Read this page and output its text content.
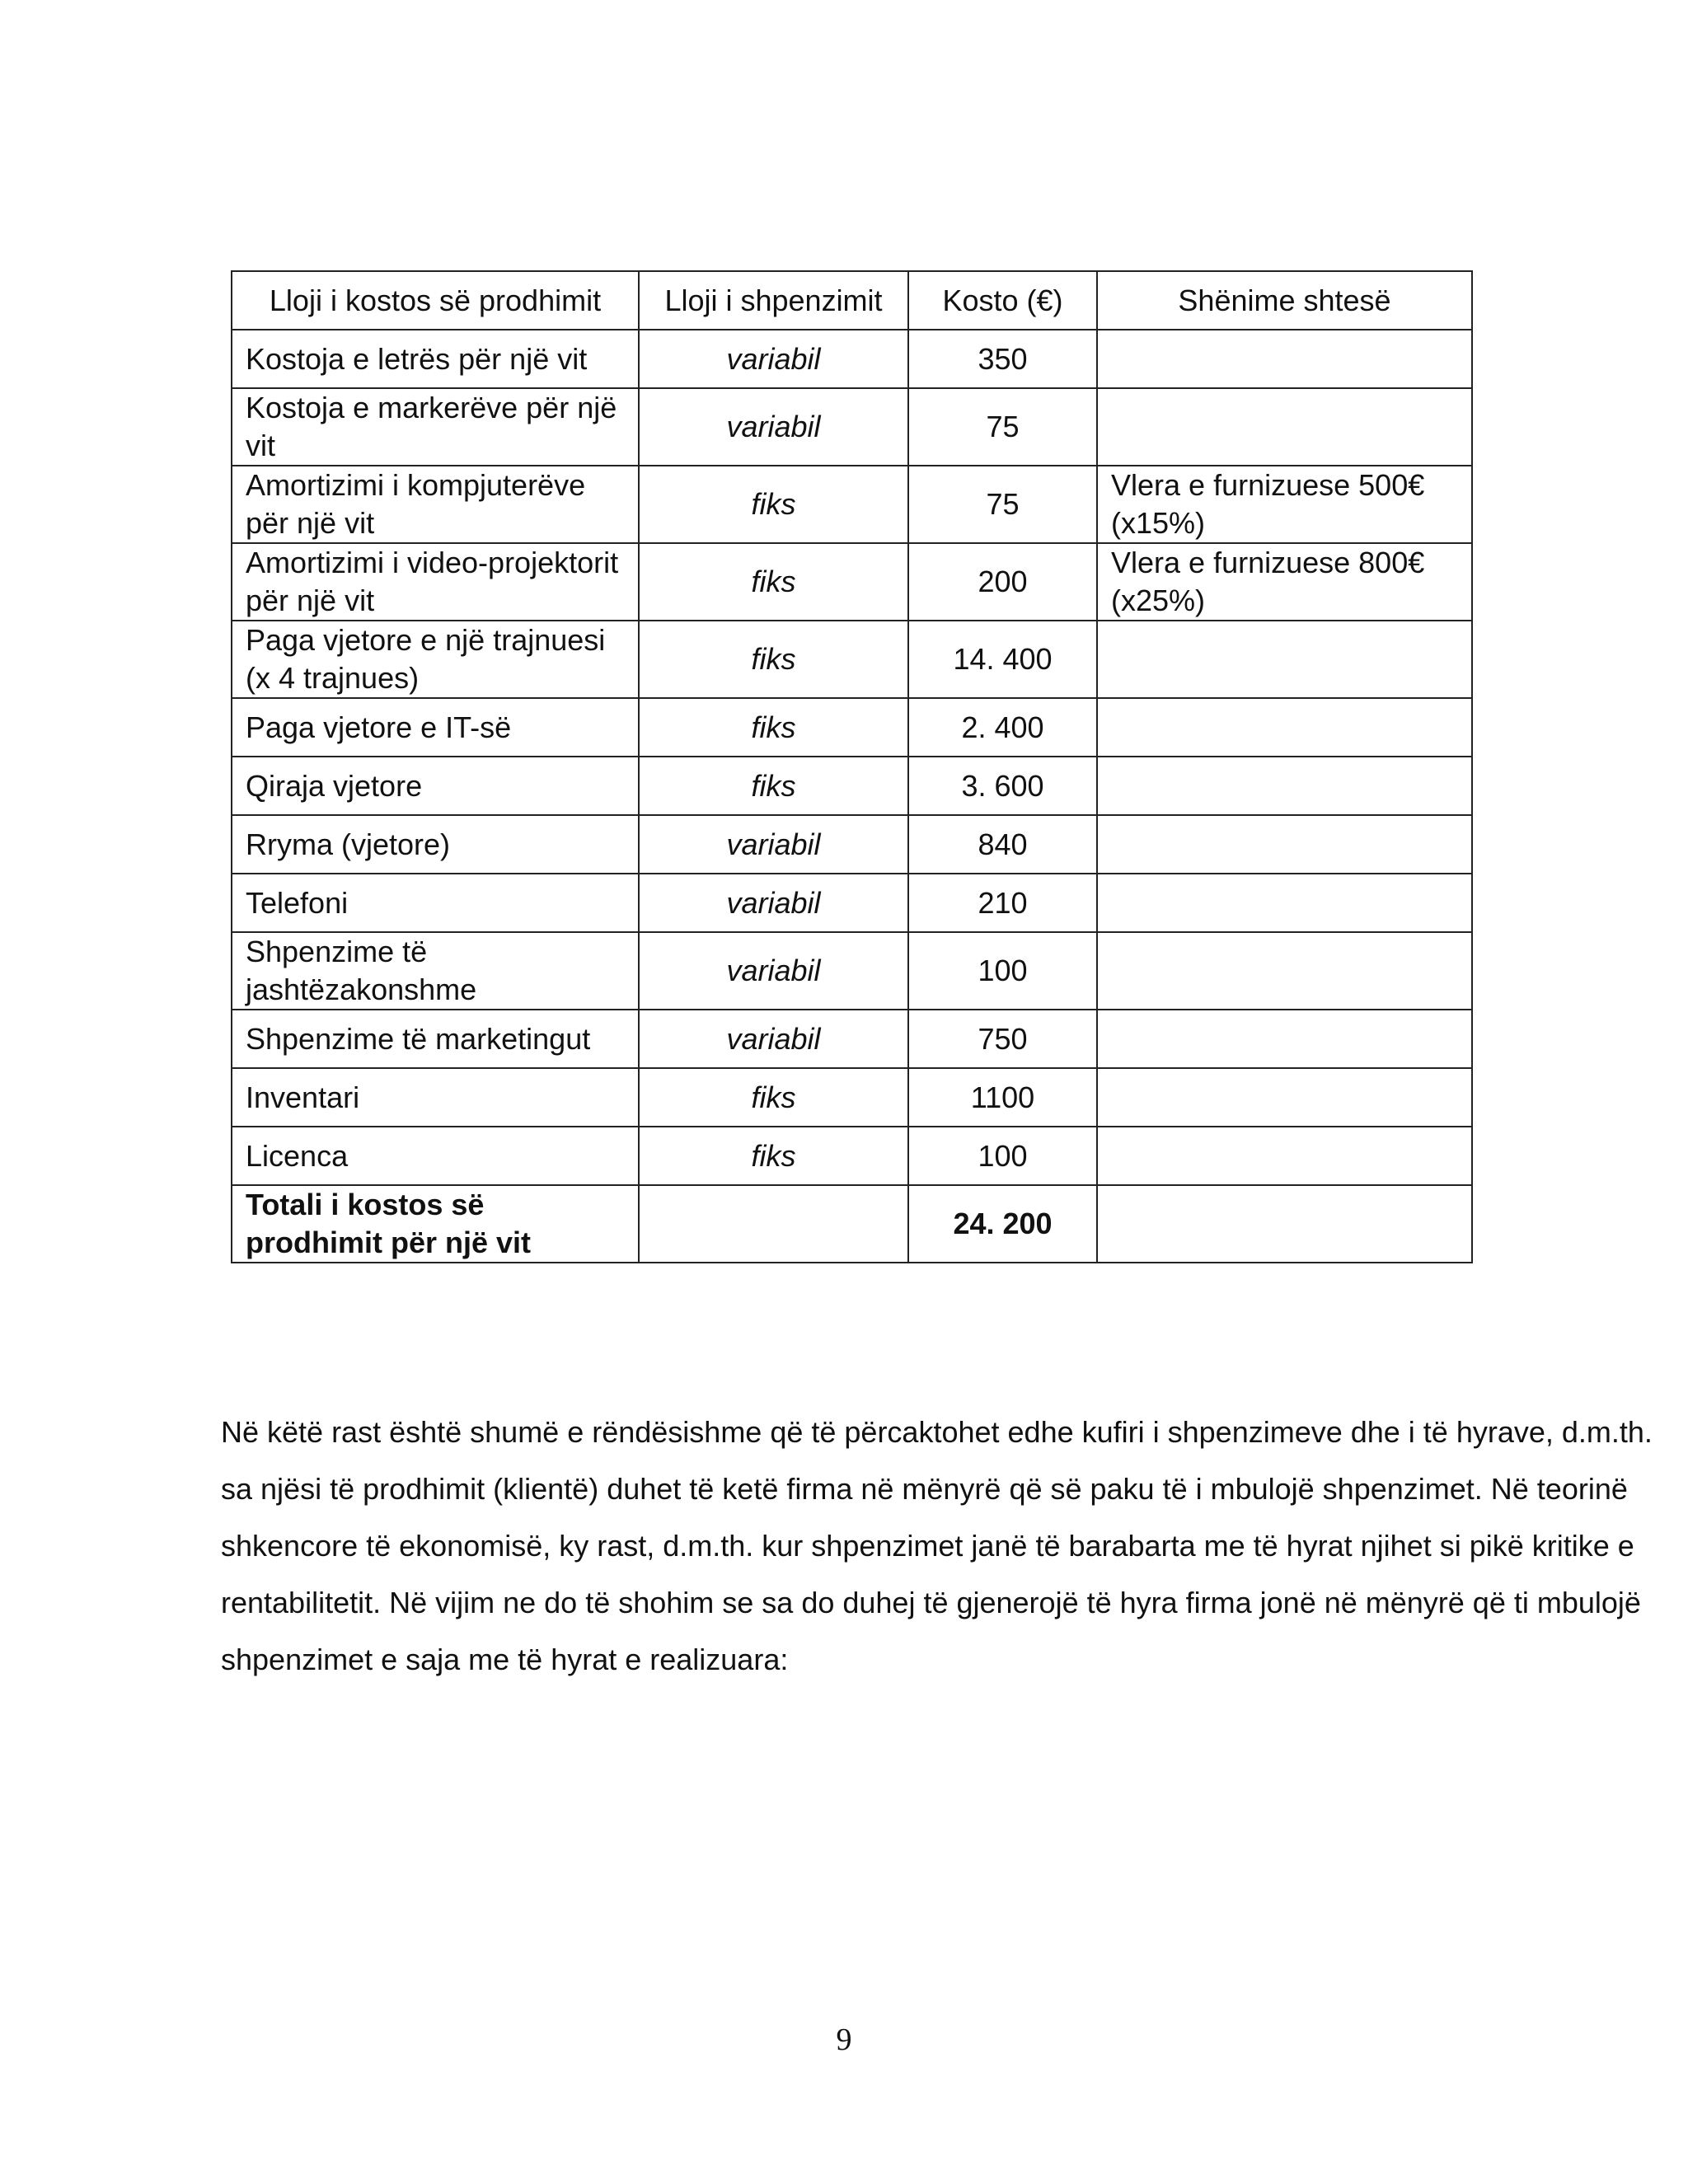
Lloji i kostos së prodhimit	Lloji i shpenzimit	Kosto (€)	Shënime shtesë
Kostoja e letrës për një vit	variabil	350	
Kostoja e markerëve për një vit	variabil	75	
Amortizimi i kompjuterëve për një vit	fiks	75	Vlera e furnizuese 500€ (x15%)
Amortizimi i video-projektorit për një vit	fiks	200	Vlera e furnizuese 800€ (x25%)
Paga vjetore e një trajnuesi (x 4 trajnues)	fiks	14. 400	
Paga vjetore e IT-së	fiks	2. 400	
Qiraja vjetore	fiks	3. 600	
Rryma (vjetore)	variabil	840	
Telefoni	variabil	210	
Shpenzime të jashtëzakonshme	variabil	100	
Shpenzime të marketingut	variabil	750	
Inventari	fiks	1100	
Licenca	fiks	100	
Totali i kostos së prodhimit për një vit		24. 200	
Në këtë rast është shumë e rëndësishme që të përcaktohet edhe kufiri i shpenzimeve dhe i të hyrave, d.m.th.
sa njësi të prodhimit (klientë) duhet të ketë firma në mënyrë që së paku të i mbulojë shpenzimet. Në teorinë
shkencore të ekonomisë, ky rast, d.m.th. kur shpenzimet janë të barabarta me të hyrat njihet si pikë kritike e
rentabilitetit. Në vijim ne do të shohim se sa do duhej të gjenerojë të hyra firma jonë në mënyrë që ti mbulojë
shpenzimet e saja me të hyrat e realizuara:
9
